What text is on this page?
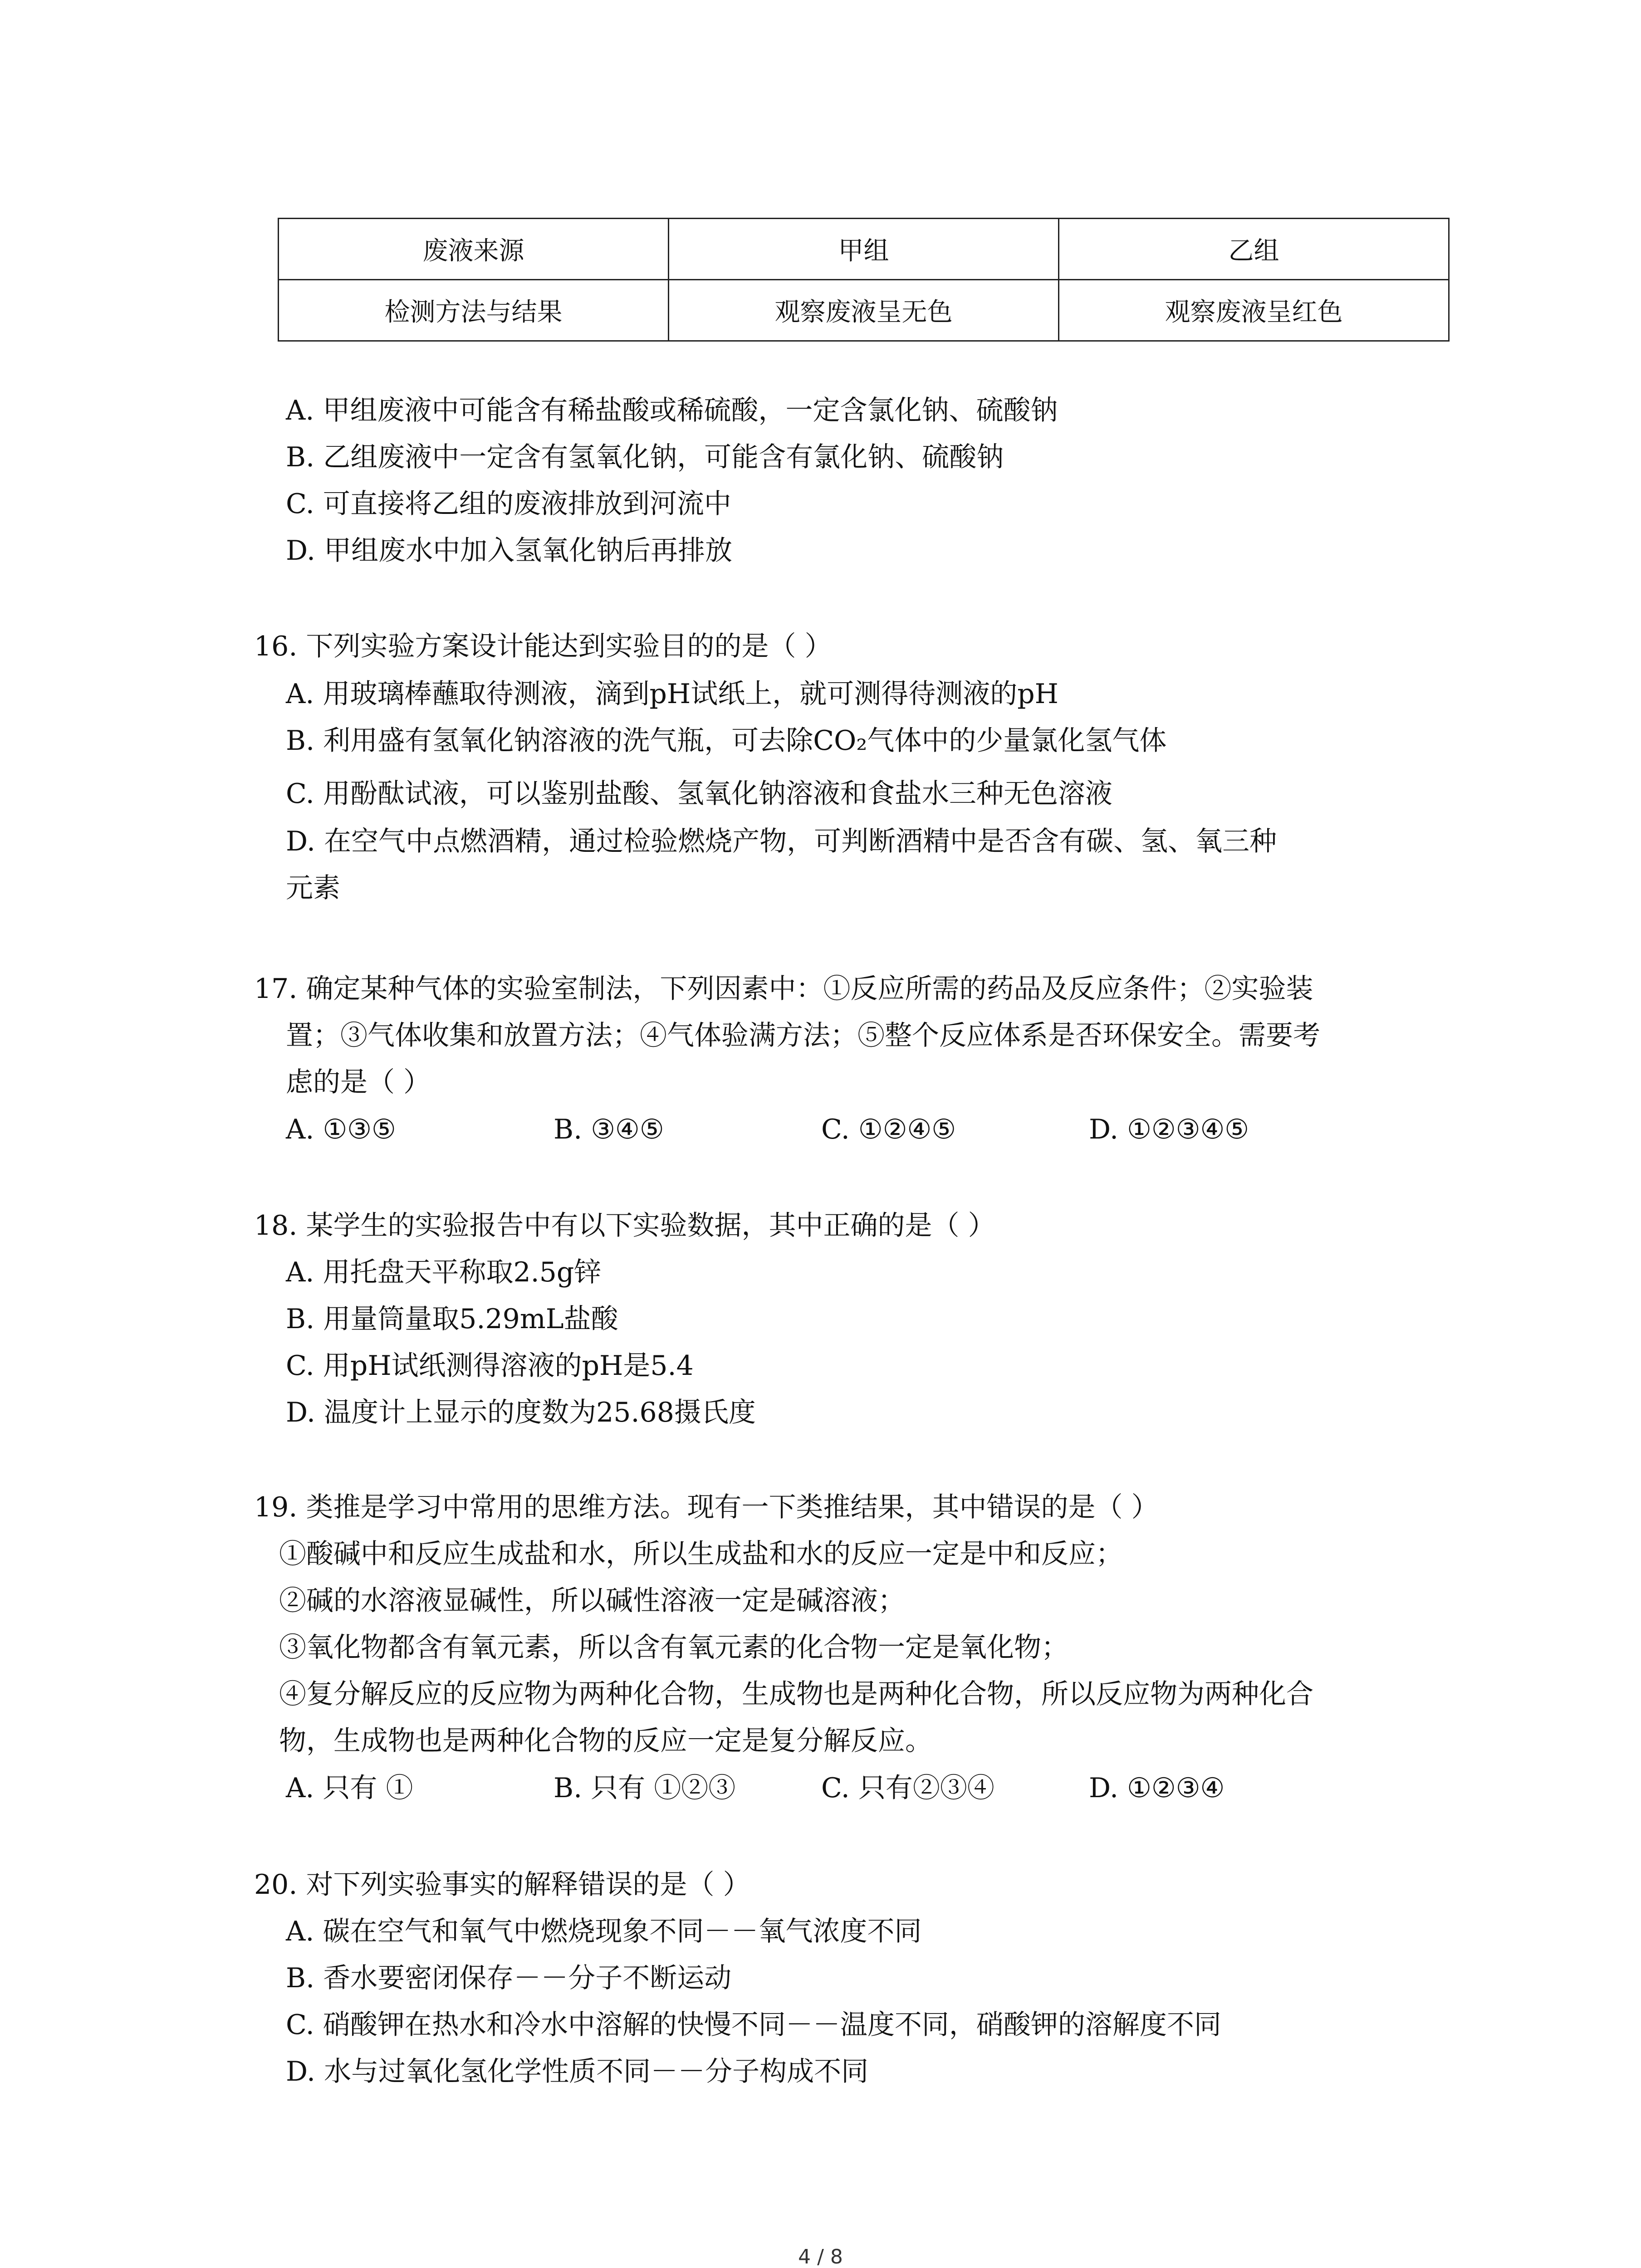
废液来源	甲组	乙组
检测方法与结果	观察废液呈无色	观察废液呈红色
A. 甲组废液中可能含有稀盐酸或稀硫酸，一定含氯化钠、硫酸钠
B. 乙组废液中一定含有氢氧化钠，可能含有氯化钠、硫酸钠
C. 可直接将乙组的废液排放到河流中
D. 甲组废水中加入氢氧化钠后再排放
16. 下列实验方案设计能达到实验目的的是（ ）
A. 用玻璃棒蘸取待测液，滴到pH试纸上，就可测得待测液的pH
B. 利用盛有氢氧化钠溶液的洗气瓶，可去除CO₂气体中的少量氯化氢气体
C. 用酚酞试液，可以鉴别盐酸、氢氧化钠溶液和食盐水三种无色溶液
D. 在空气中点燃酒精，通过检验燃烧产物，可判断酒精中是否含有碳、氢、氧三种
元素
17. 确定某种气体的实验室制法，下列因素中：①反应所需的药品及反应条件；②实验装
置；③气体收集和放置方法；④气体验满方法；⑤整个反应体系是否环保安全。需要考
虑的是（ ）
A. ①③⑤	B. ③④⑤	C. ①②④⑤	D. ①②③④⑤
18. 某学生的实验报告中有以下实验数据，其中正确的是（ ）
A. 用托盘天平称取2.5g锌
B. 用量筒量取5.29mL盐酸
C. 用pH试纸测得溶液的pH是5.4
D. 温度计上显示的度数为25.68摄氏度
19. 类推是学习中常用的思维方法。现有一下类推结果，其中错误的是（ ）
①酸碱中和反应生成盐和水，所以生成盐和水的反应一定是中和反应；
②碱的水溶液显碱性，所以碱性溶液一定是碱溶液；
③氧化物都含有氧元素，所以含有氧元素的化合物一定是氧化物；
④复分解反应的反应物为两种化合物，生成物也是两种化合物，所以反应物为两种化合
物，生成物也是两种化合物的反应一定是复分解反应。
A. 只有 ①	B. 只有 ①②③	C. 只有②③④	D. ①②③④
20. 对下列实验事实的解释错误的是（ ）
A. 碳在空气和氧气中燃烧现象不同－－氧气浓度不同
B. 香水要密闭保存－－分子不断运动
C. 硝酸钾在热水和冷水中溶解的快慢不同－－温度不同，硝酸钾的溶解度不同
D. 水与过氧化氢化学性质不同－－分子构成不同
4 / 8
